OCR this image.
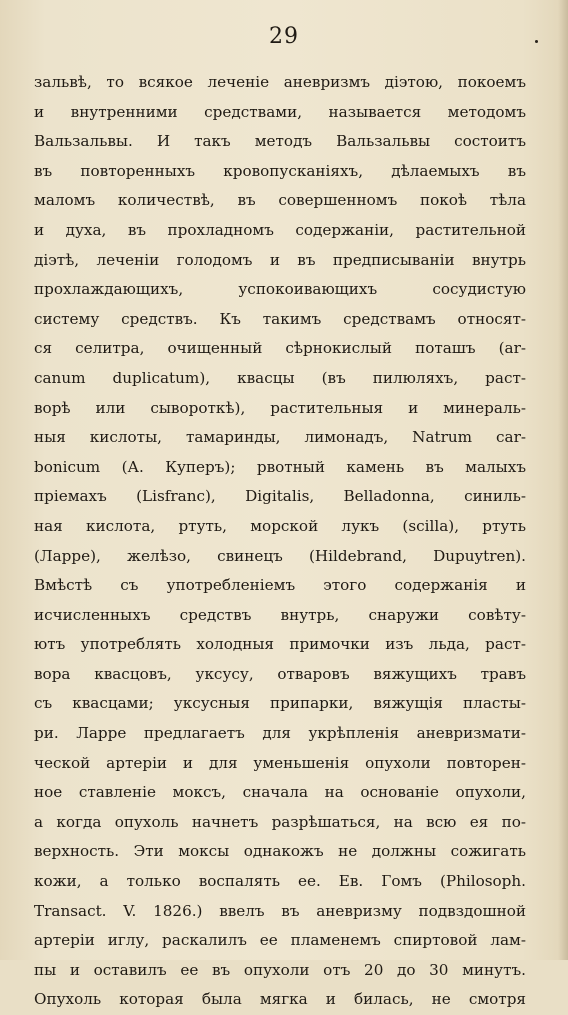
29
зальвѣ, то всякое леченіе аневризмъ діэтою, покоемъ
и внутренними средствами, называется методомъ
Вальзальвы. И такъ методъ Вальзальвы состоитъ
въ повторенныхъ кровопусканіяхъ, дѣлаемыхъ въ
маломъ количествѣ, въ совершенномъ покоѣ тѣла
и духа, въ прохладномъ содержаніи, растительной
діэтѣ, леченіи голодомъ и въ предписываніи внутрь
прохлаждающихъ, успокоивающихъ сосудистую
систему средствъ. Къ такимъ средствамъ относят-
ся селитра, очищенный сѣрнокислый поташъ (ar-
canum duplicatum), квасцы (въ пилюляхъ, раст-
ворѣ или сывороткѣ), растительныя и минераль-
ныя кислоты, тамаринды, лимонадъ, Natrum car-
bonicum (А. Куперъ); рвотный камень въ малыхъ
пріемахъ (Lisfranc), Digitalis, Belladonna, синиль-
ная кислота, ртуть, морской лукъ (scilla), ртуть
(Ларре), желѣзо, свинецъ (Hildebrand, Dupuytren).
Вмѣстѣ съ употребленіемъ этого содержанія и
исчисленныхъ средствъ внутрь, снаружи совѣту-
ютъ употреблять холодныя примочки изъ льда, раст-
вора квасцовъ, уксусу, отваровъ вяжущихъ травъ
съ квасцами; уксусныя припарки, вяжущія пласты-
ри. Ларре предлагаетъ для укрѣпленія аневризмати-
ческой артеріи и для уменьшенія опухоли повторен-
ное ставленіе моксъ, сначала на основаніе опухоли,
а когда опухоль начнетъ разрѣшаться, на всю ея по-
верхность. Эти моксы однакожъ не должны сожигать
кожи, а только воспалять ее. Ев. Гомъ (Philosoph.
Transact. V. 1826.) ввелъ въ аневризму подвздошной
артеріи иглу, раскалилъ ее пламенемъ спиртовой лам-
пы и оставилъ ее въ опухоли отъ 20 до 30 минутъ.
Опухоль которая была мягка и билась, не смотря
